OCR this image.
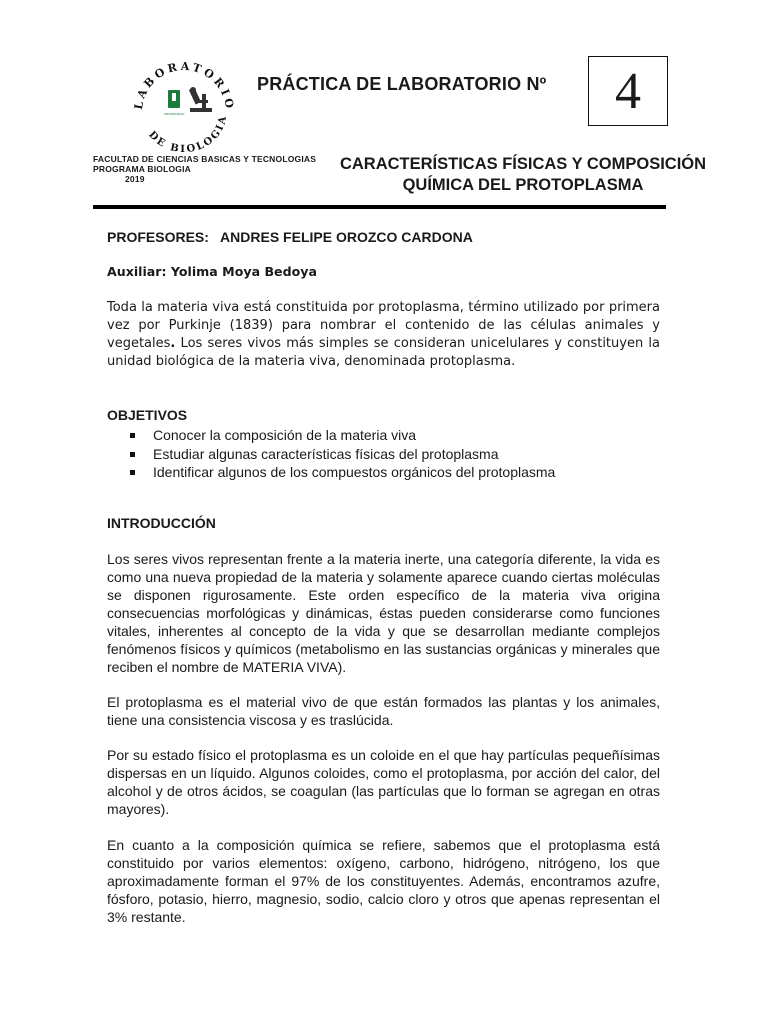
LABORATORIO
DE BIOLOGIA
UNIVERSIDAD
PRÁCTICA DE LABORATORIO Nº 4
FACULTAD DE CIENCIAS BASICAS Y TECNOLOGIAS
PROGRAMA BIOLOGIA
2019
CARACTERÍSTICAS FÍSICAS Y COMPOSICIÓN
QUÍMICA DEL PROTOPLASMA
PROFESORES:   ANDRES FELIPE OROZCO CARDONA
Auxiliar: Yolima Moya Bedoya

Toda la materia viva está constituida por protoplasma, término utilizado por primera vez por Purkinje (1839) para nombrar el contenido de las células animales y vegetales. Los seres vivos más simples se consideran unicelulares y constituyen la unidad biológica de la materia viva, denominada protoplasma.

OBJETIVOS
Conocer la composición de la materia viva
Estudiar algunas características físicas del protoplasma
Identificar algunos de los compuestos orgánicos del protoplasma
INTRODUCCIÓN

Los seres vivos representan frente a la materia inerte, una categoría diferente, la vida es como una nueva propiedad de la materia y solamente aparece cuando ciertas moléculas se disponen rigurosamente. Este orden específico de la materia viva origina consecuencias morfológicas y dinámicas, éstas pueden considerarse como funciones vitales, inherentes al concepto de la vida y que se desarrollan mediante complejos fenómenos físicos y químicos (metabolismo en las sustancias orgánicas y minerales que reciben el nombre de MATERIA VIVA).

El protoplasma es el material vivo de que están formados las plantas y los animales, tiene una consistencia viscosa y es traslúcida.

Por su estado físico el protoplasma es un coloide en el que hay partículas pequeñísimas dispersas en un líquido. Algunos coloides, como el protoplasma, por acción del calor, del alcohol y de otros ácidos, se coagulan (las partículas que lo forman se agregan en otras mayores).

En cuanto a la composición química se refiere, sabemos que el protoplasma está constituido por varios elementos: oxígeno, carbono, hidrógeno, nitrógeno, los que aproximadamente forman el 97% de los constituyentes. Además, encontramos azufre, fósforo, potasio, hierro, magnesio, sodio, calcio cloro y otros que apenas representan el 3% restante.
